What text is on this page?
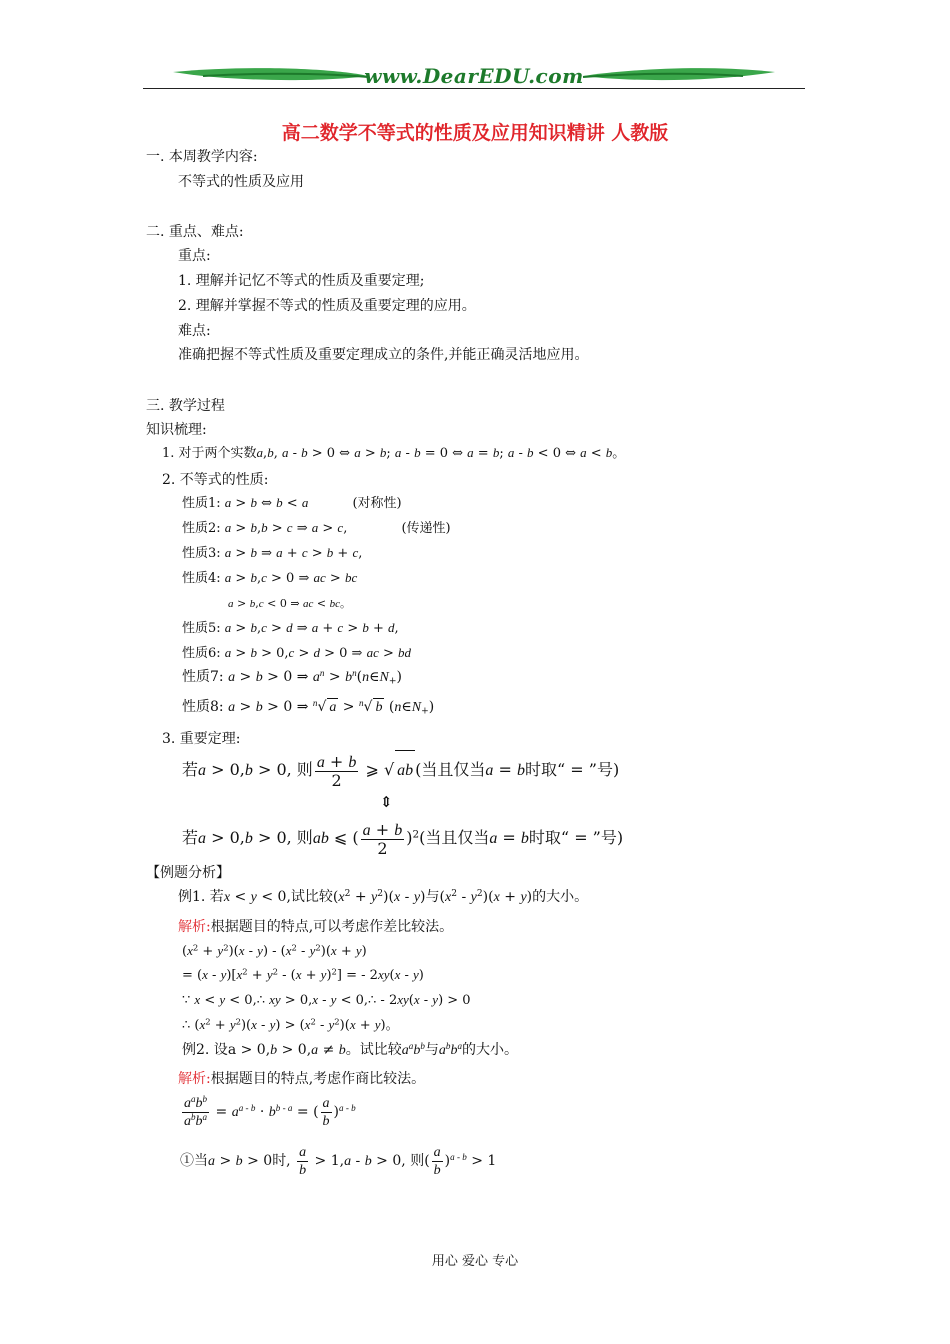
www.DearEDU.com
高二数学不等式的性质及应用知识精讲 人教版
一. 本周教学内容:
不等式的性质及应用
二. 重点、难点:
重点:
1. 理解并记忆不等式的性质及重要定理;
2. 理解并掌握不等式的性质及重要定理的应用。
难点:
准确把握不等式性质及重要定理成立的条件,并能正确灵活地应用。
三. 教学过程
知识梳理:
1. 对于两个实数a,b, a - b > 0 ⇔ a > b; a - b = 0 ⇔ a = b; a - b < 0 ⇔ a < b。
2. 不等式的性质:
性质1: a > b ⇔ b < a	(对称性)
性质2: a > b,b > c ⇒ a > c,	(传递性)
性质3: a > b ⇒ a + c > b + c,
性质4: a > b,c > 0 ⇒ ac > bc
a > b,c < 0 ⇒ ac < bc。
性质5: a > b,c > d ⇒ a + c > b + d,
性质6: a > b > 0,c > d > 0 ⇒ ac > bd
性质7: a > b > 0 ⇒ $a^n$ > $b^n(n\in N_+)$
性质8: a > b > 0 ⇒ $^n$√ a > $^n$√ b $(n\in N_+)$
3. 重要定理:
若a > 0,b > 0, 则 $\frac{a + b}{2}$ ⩾ √ ab (当且仅当a = b时取“ = ”号)
⇕
若a > 0,b > 0, 则ab ⩽ ( $\frac{a + b}{2} )^2$(当且仅当a = b时取“ = ”号)
【例题分析】
例1. 若x < y < 0,试比较$(x^2 + y^2)(x - y)$与$(x^2 - y^2)(x + y)$的大小。
解析:根据题目的特点,可以考虑作差比较法。
$(x^2 + y^2)(x - y) - (x^2 - y^2)(x + y)$
= $(x - y)[x^2 + y^2 - (x + y)^2]$ = - 2xy(x - y)
∵ x < y < 0,∴ xy > 0,x - y < 0,∴ - 2xy(x - y) > 0
∴ $(x^2 + y^2)(x - y) > (x^2 - y^2)(x + y)$。
例2. 设a > 0,b > 0,a ≠ b。试比较$a^ab^b$与$a^bb^a$的大小。
解析:根据题目的特点,考虑作商比较法。
$\frac{a^ab^b}{a^bb^a} = a^{a - b} \cdot b^{b - a}$ = ( $\frac{a}{b} )^{a - b}$
①当a > b > 0时, $\frac{a}{b} > 1,a - b > 0$, 则( $\frac{a}{b} )^{a - b} > 1$
用心 爱心 专心
